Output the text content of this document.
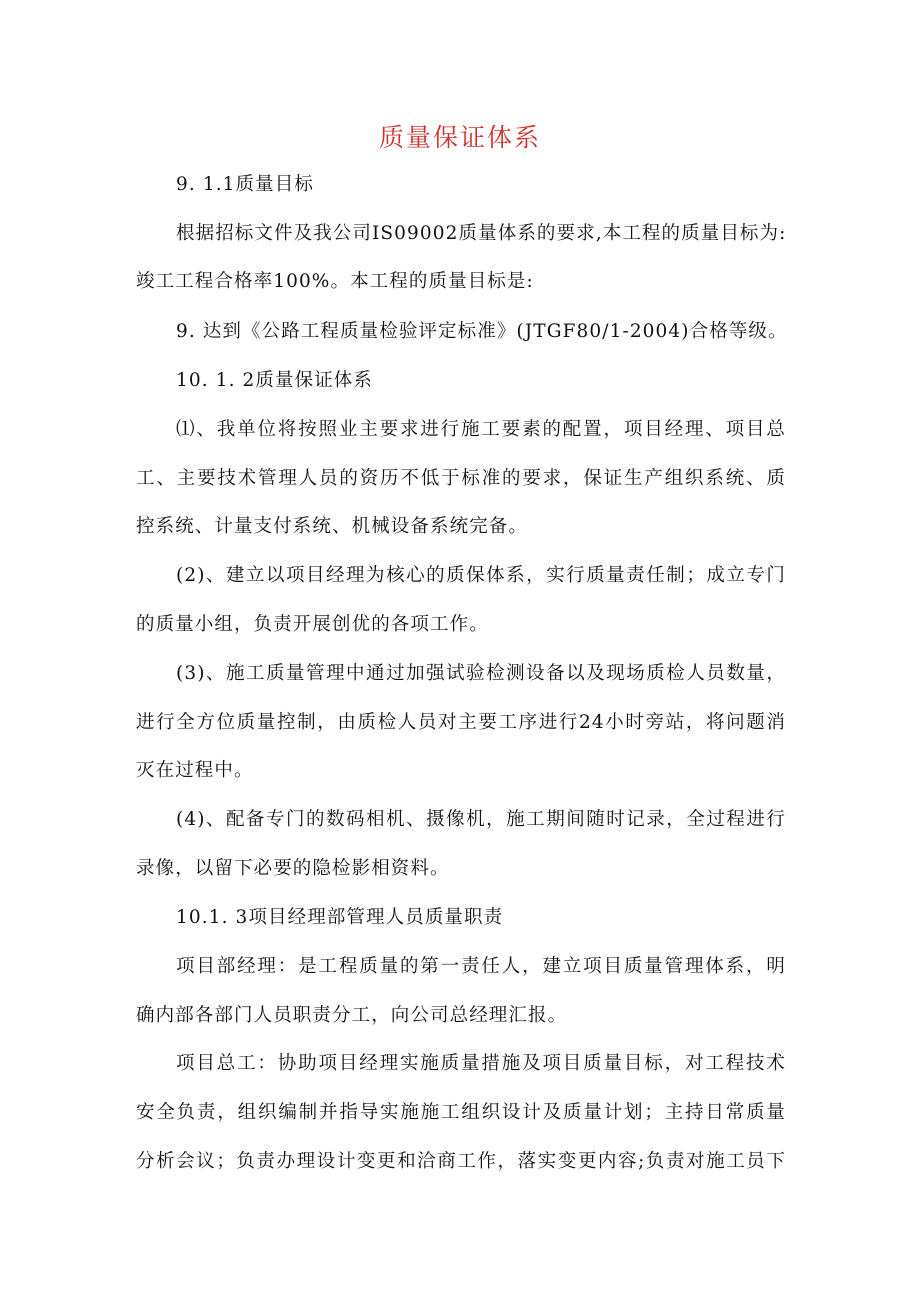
质量保证体系
9. 1.1质量目标
根据招标文件及我公司IS09002质量体系的要求,本工程的质量目标为:
竣工工程合格率100%。本工程的质量目标是:
9. 达到《公路工程质量检验评定标准》(JTGF80/1-2004)合格等级。
10. 1. 2质量保证体系
⑴、我单位将按照业主要求进行施工要素的配置，项目经理、项目总
工、主要技术管理人员的资历不低于标准的要求，保证生产组织系统、质
控系统、计量支付系统、机械设备系统完备。
(2)、建立以项目经理为核心的质保体系，实行质量责任制；成立专门
的质量小组，负责开展创优的各项工作。
(3)、施工质量管理中通过加强试验检测设备以及现场质检人员数量，
进行全方位质量控制，由质检人员对主要工序进行24小时旁站，将问题消
灭在过程中。
(4)、配备专门的数码相机、摄像机，施工期间随时记录，全过程进行
录像，以留下必要的隐检影相资料。
10.1. 3项目经理部管理人员质量职责
项目部经理：是工程质量的第一责任人，建立项目质量管理体系，明
确内部各部门人员职责分工，向公司总经理汇报。
项目总工：协助项目经理实施质量措施及项目质量目标，对工程技术
安全负责，组织编制并指导实施施工组织设计及质量计划；主持日常质量
分析会议；负责办理设计变更和洽商工作，落实变更内容;负责对施工员下
